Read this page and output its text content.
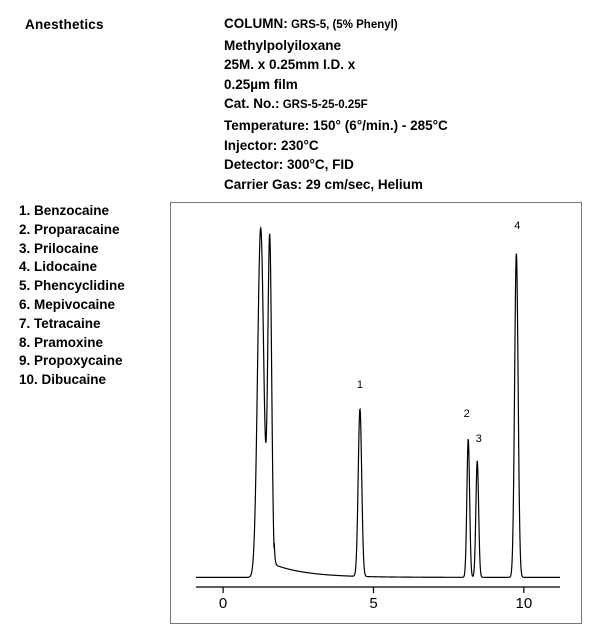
Anesthetics	COLUMN: GRS-5, (5% Phenyl)
Methylpolyiloxane
25M. x 0.25mm I.D. x
0.25µm film
Cat. No.: GRS-5-25-0.25F
Temperature: 150° (6°/min.) - 285°C
Injector: 230°C
Detector: 300°C, FID
Carrier Gas: 29 cm/sec, Helium
1. Benzocaine
2. Proparacaine
3. Prilocaine
4. Lidocaine
5. Phencyclidine
6. Mepivocaine
7. Tetracaine
8. Pramoxine
9. Propoxycaine
10. Dibucaine
0	5	10
1
2
3
4
